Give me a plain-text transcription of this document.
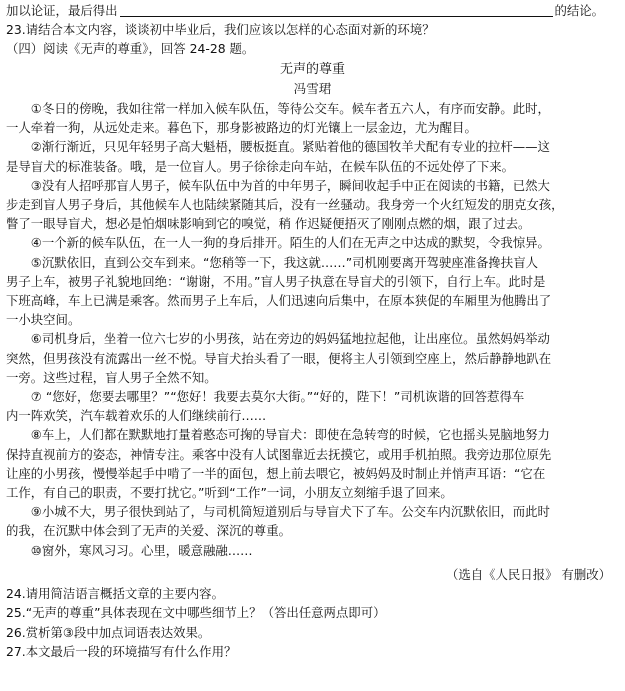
加以论证，最后得出	的结论。
23.请结合本文内容，谈谈初中毕业后，我们应该以怎样的心态面对新的环境？
（四）阅读《无声的尊重》，回答 24-28 题。
无声的尊重
冯雪珺
①冬日的傍晚，我如往常一样加入候车队伍，等待公交车。候车者五六人，有序而安静。此时，
一人牵着一狗，从远处走来。暮色下，那身影被路边的灯光镶上一层金边，尤为醒目。
②渐行渐近，只见年轻男子高大魁梧，腰板挺直。紧贴着他的德国牧羊犬配有专业的拉杆——这
是导盲犬的标准装备。哦，是一位盲人。男子徐徐走向车站，在候车队伍的不远处停了下来。
③没有人招呼那盲人男子，候车队伍中为首的中年男子，瞬间收起手中正在阅读的书籍，已然大
步走到盲人男子身后，其他候车人也陆续紧随其后，没有一丝骚动。我身旁一个火红短发的朋克女孩，
瞥了一眼导盲犬，想必是怕烟味影响到它的嗅觉，稍 作迟疑便捂灭了刚刚点燃的烟，跟了过去。
④一个新的候车队伍，在一人一狗的身后排开。陌生的人们在无声之中达成的默契，令我惊异。
⑤沉默依旧，直到公交车到来。“您稍等一下，我这就……”司机刚要离开驾驶座准备搀扶盲人
男子上车，被男子礼貌地回绝：“谢谢，不用。”盲人男子执意在导盲犬的引领下，自行上车。此时是
下班高峰，车上已满是乘客。然而男子上车后，人们迅速向后集中，在原本狭促的车厢里为他腾出了
一小块空间。
⑥司机身后，坐着一位六七岁的小男孩，站在旁边的妈妈猛地拉起他，让出座位。虽然妈妈举动
突然，但男孩没有流露出一丝不悦。导盲犬抬头看了一眼，便将主人引领到空座上，然后静静地趴在
一旁。这些过程，盲人男子全然不知。
⑦ “您好，您要去哪里？”“您好！我要去莫尔大街。”“好的，陛下！”司机诙谐的回答惹得车
内一阵欢笑，汽车载着欢乐的人们继续前行……
⑧车上，人们都在默默地打量着憨态可掬的导盲犬：即使在急转弯的时候，它也摇头晃脑地努力
保持直视前方的姿态，神情专注。乘客中没有人试图靠近去抚摸它，或用手机拍照。我旁边那位原先
让座的小男孩，慢慢举起手中啃了一半的面包，想上前去喂它，被妈妈及时制止并悄声耳语：“它在
工作，有自己的职责，不要打扰它。”听到“工作”一词，小朋友立刻缩手退了回来。
⑨小城不大，男子很快到站了，与司机简短道别后与导盲犬下了车。公交车内沉默依旧，而此时
的我，在沉默中体会到了无声的关爱、深沉的尊重。
⑩窗外，寒风习习。心里，暖意融融……
（选自《人民日报》 有删改）
24.请用简洁语言概括文章的主要内容。
25.“无声的尊重”具体表现在文中哪些细节上？（答出任意两点即可）
26.赏析第③段中加点词语表达效果。
27.本文最后一段的环境描写有什么作用？
